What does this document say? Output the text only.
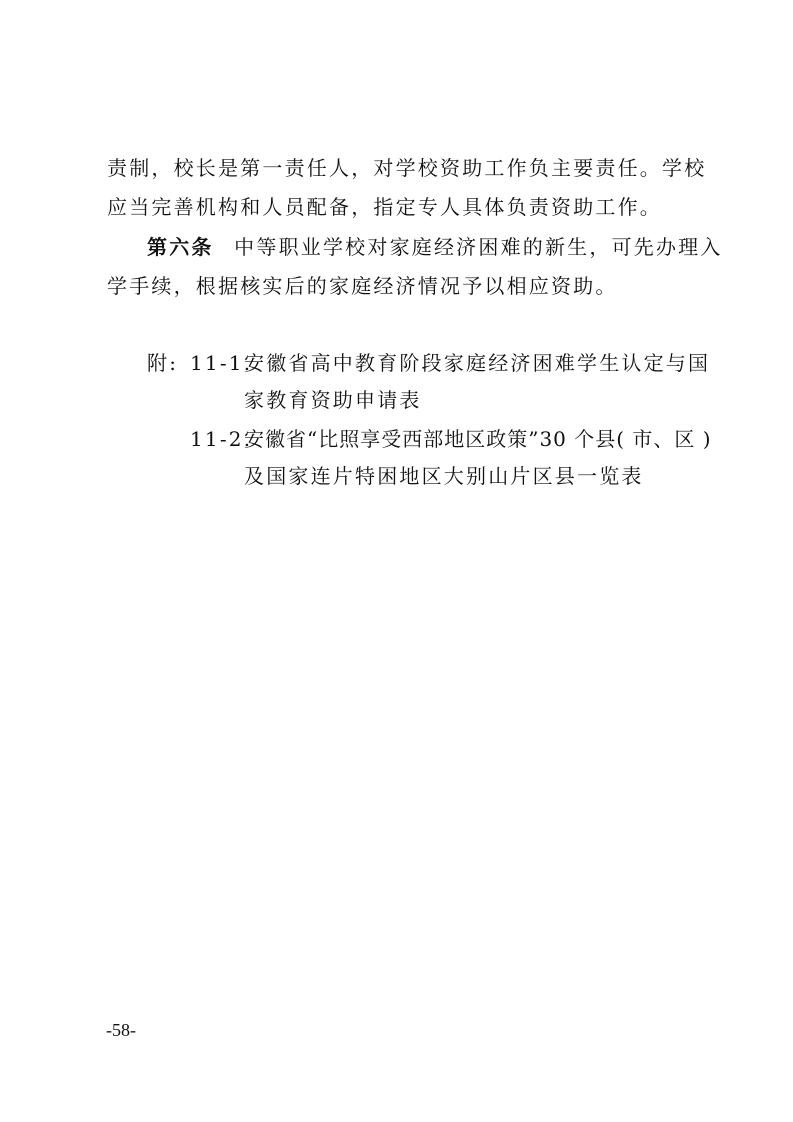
责制，校长是第一责任人，对学校资助工作负主要责任。学校
应当完善机构和人员配备，指定专人具体负责资助工作。
第六条 中等职业学校对家庭经济困难的新生，可先办理入
学手续，根据核实后的家庭经济情况予以相应资助。
附: 11-1.
安徽省高中教育阶段家庭经济困难学生认定与国
家教育资助申请表
11-2.
安徽省“比照享受西部地区政策”30 个县( 市、区 )
及国家连片特困地区大别山片区县一览表
-58-
